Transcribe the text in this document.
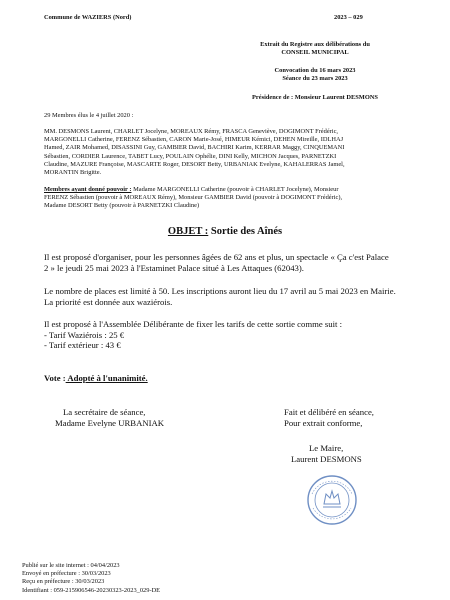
Commune de WAZIERS (Nord)	2023 – 029
Extrait du Registre aux délibérations du
CONSEIL MUNICIPAL
Convocation du 16 mars 2023
Séance du 23 mars 2023
Présidence de : Monsieur Laurent DESMONS
29 Membres élus le 4 juillet 2020 :
MM. DESMONS Laurent, CHARLET Jocelyne, MOREAUX Rémy, FRASCA Geneviève, DOGIMONT Frédéric,
MARGONELLI Catherine, FERENZ Sébastien, CARON Marie-José, HIMEUR Kémici, DEHEN Mireille, IDLHAJ
Hamed, ZAIR Mohamed, DISASSINI Guy, GAMBIER David, BACHIRI Karim, KERRAR Maggy, CINQUEMANI
Sébastien, CORDIER Laurence, TABET Lucy, POULAIN Ophélie, DINI Kelly, MICHON Jacques, PARNETZKI
Claudine, MAZURE Françoise, MASCARTE Roger, DESORT Betty, URBANIAK Evelyne, KAHALERRAS Jamel,
MORANTIN Brigitte.
Membres ayant donné pouvoir : Madame MARGONELLI Catherine (pouvoir à CHARLET Jocelyne), Monsieur
FERENZ Sébastien (pouvoir à MOREAUX Rémy), Monsieur GAMBIER David (pouvoir à DOGIMONT Frédéric),
Madame DESORT Betty (pouvoir à PARNETZKI Claudine)
OBJET : Sortie des Aînés
Il est proposé d'organiser, pour les personnes âgées de 62 ans et plus, un spectacle « Ça c'est Palace
2 » le jeudi 25 mai 2023 à l'Estaminet Palace situé à Les Attaques (62043).
Le nombre de places est limité à 50. Les inscriptions auront lieu du 17 avril au 5 mai 2023 en Mairie.
La priorité est donnée aux waziérois.
Il est proposé à l'Assemblée Délibérante de fixer les tarifs de cette sortie comme suit :
- Tarif Waziérois : 25 €
- Tarif extérieur : 43 €
Vote : Adopté à l'unanimité.
La secrétaire de séance,
Madame Evelyne URBANIAK
Fait et délibéré en séance,
Pour extrait conforme,
Le Maire,
Laurent DESMONS
Publié sur le site internet : 04/04/2023
Envoyé en préfecture : 30/03/2023
Reçu en préfecture : 30/03/2023
Identifiant : 059-215906546-20230323-2023_029-DE
